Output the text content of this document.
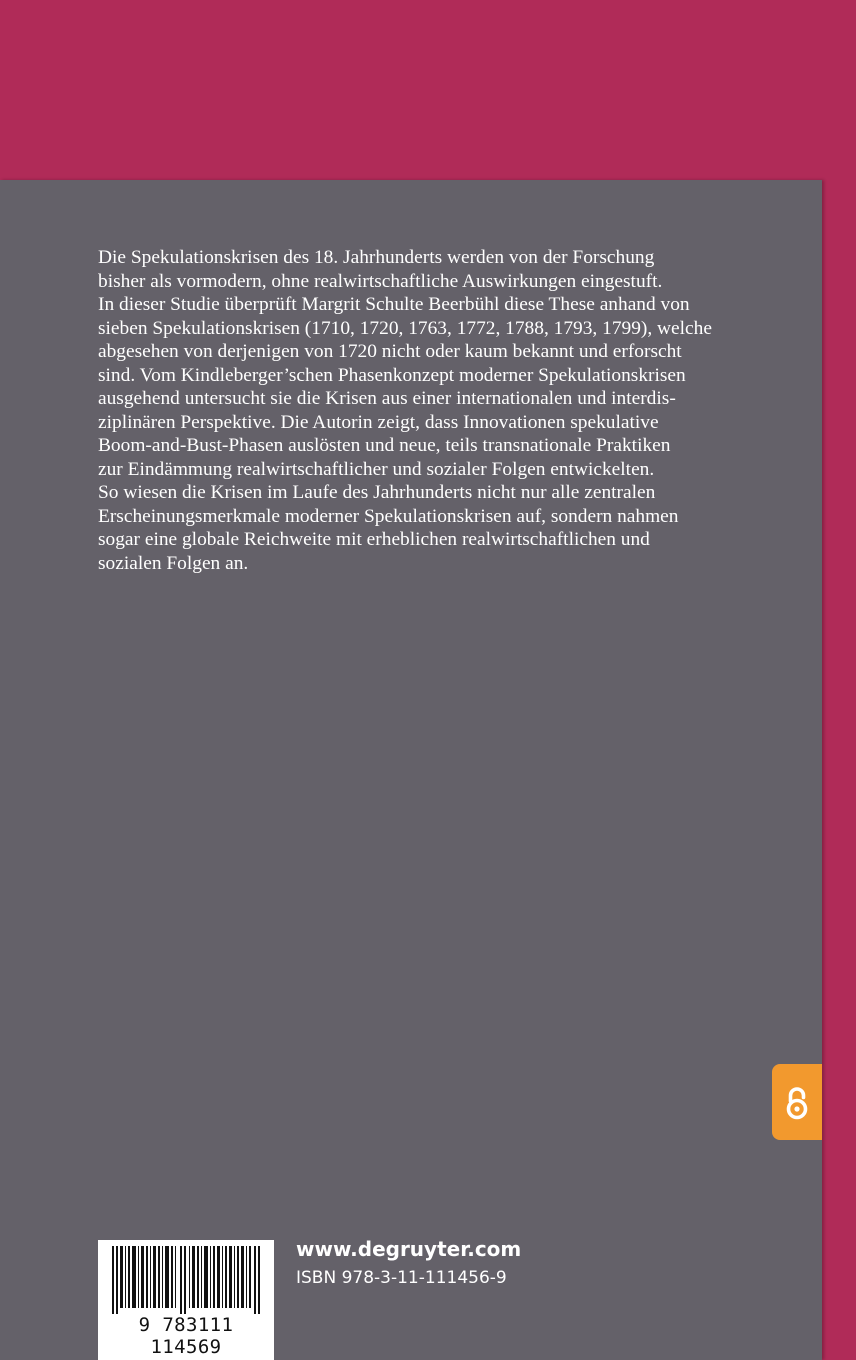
Die Spekulationskrisen des 18. Jahrhunderts werden von der Forschung

bisher als vormodern, ohne realwirtschaftliche Auswirkungen eingestuft.

In dieser Studie überprüft Margrit Schulte Beerbühl diese These anhand von

sieben Spekulationskrisen (1710, 1720, 1763, 1772, 1788, 1793, 1799), welche

abgesehen von derjenigen von 1720 nicht oder kaum bekannt und erforscht

sind. Vom Kindleberger’schen Phasenkonzept moderner Spekulationskrisen

ausgehend untersucht sie die Krisen aus einer internationalen und interdis-

ziplinären Perspektive. Die Autorin zeigt, dass Innovationen spekulative

Boom-and-Bust-Phasen auslösten und neue, teils transnationale Praktiken

zur Eindämmung realwirtschaftlicher und sozialer Folgen entwickelten.

So wiesen die Krisen im Laufe des Jahrhunderts nicht nur alle zentralen

Erscheinungsmerkmale moderner Spekulationskrisen auf, sondern nahmen

sogar eine globale Reichweite mit erheblichen realwirtschaftlichen und

sozialen Folgen an.

9 783111 114569
www.degruyter.com
ISBN 978-3-11-111456-9
